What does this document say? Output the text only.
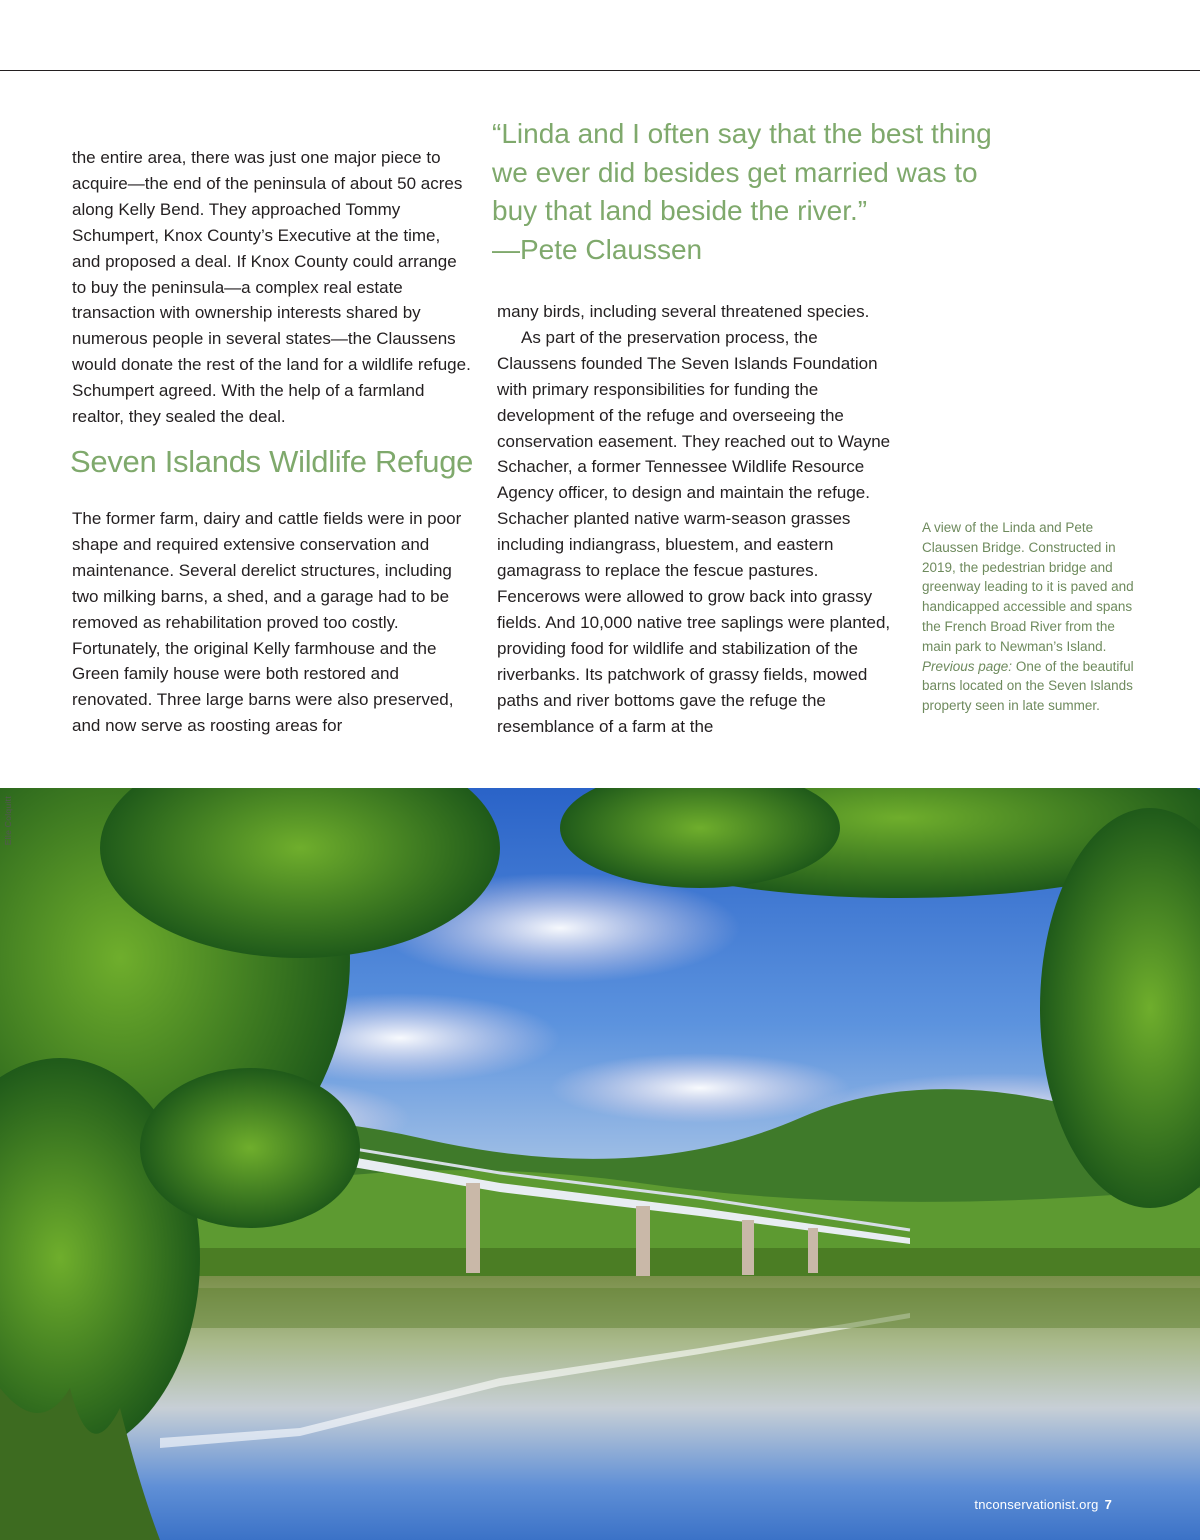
the entire area, there was just one major piece to acquire—the end of the peninsula of about 50 acres along Kelly Bend. They approached Tommy Schumpert, Knox County’s Executive at the time, and proposed a deal. If Knox County could arrange to buy the peninsula—a complex real estate transaction with ownership interests shared by numerous people in several states—the Claussens would donate the rest of the land for a wildlife refuge. Schumpert agreed. With the help of a farmland realtor, they sealed the deal.

Seven Islands Wildlife Refuge

The former farm, dairy and cattle fields were in poor shape and required extensive conservation and maintenance. Several derelict structures, including two milking barns, a shed, and a garage had to be removed as rehabilitation proved too costly. Fortunately, the original Kelly farmhouse and the Green family house were both restored and renovated. Three large barns were also preserved, and now serve as roosting areas for

“Linda and I often say that the best thing we ever did besides get married was to buy that land beside the river.”
—Pete Claussen

many birds, including several threatened species.

As part of the preservation process, the Claussens founded The Seven Islands Foundation with primary responsibilities for funding the development of the refuge and overseeing the conservation easement. They reached out to Wayne Schacher, a former Tennessee Wildlife Resource Agency officer, to design and maintain the refuge. Schacher planted native warm-season grasses including indiangrass, bluestem, and eastern gamagrass to replace the fescue pastures. Fencerows were allowed to grow back into grassy fields. And 10,000 native tree saplings were planted, providing food for wildlife and stabilization of the riverbanks. Its patchwork of grassy fields, mowed paths and river bottoms gave the refuge the resemblance of a farm at the

A view of the Linda and Pete Claussen Bridge. Constructed in 2019, the pedestrian bridge and greenway leading to it is paved and handicapped accessible and spans the French Broad River from the main park to Newman’s Island. Previous page: One of the beautiful barns located on the Seven Islands property seen in late summer.

Elle Colquitt
tnconservationist.org 7
